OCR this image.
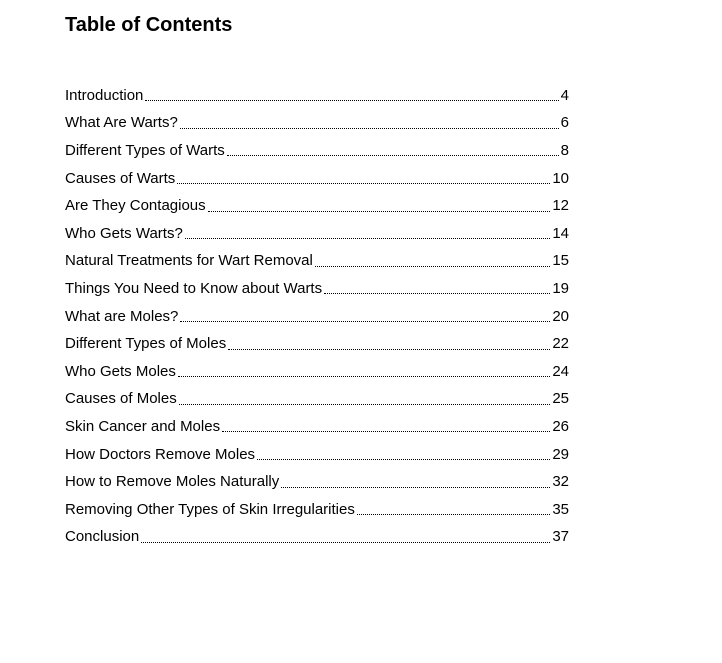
Table of Contents
Introduction	4
What Are Warts?	6
Different Types of Warts	8
Causes of Warts	10
Are They Contagious	12
Who Gets Warts?	14
Natural Treatments for Wart Removal	15
Things You Need to Know about Warts	19
What are Moles?	20
Different Types of Moles	22
Who Gets Moles	24
Causes of Moles	25
Skin Cancer and Moles	26
How Doctors Remove Moles	29
How to Remove Moles Naturally	32
Removing Other Types of Skin Irregularities	35
Conclusion	37
